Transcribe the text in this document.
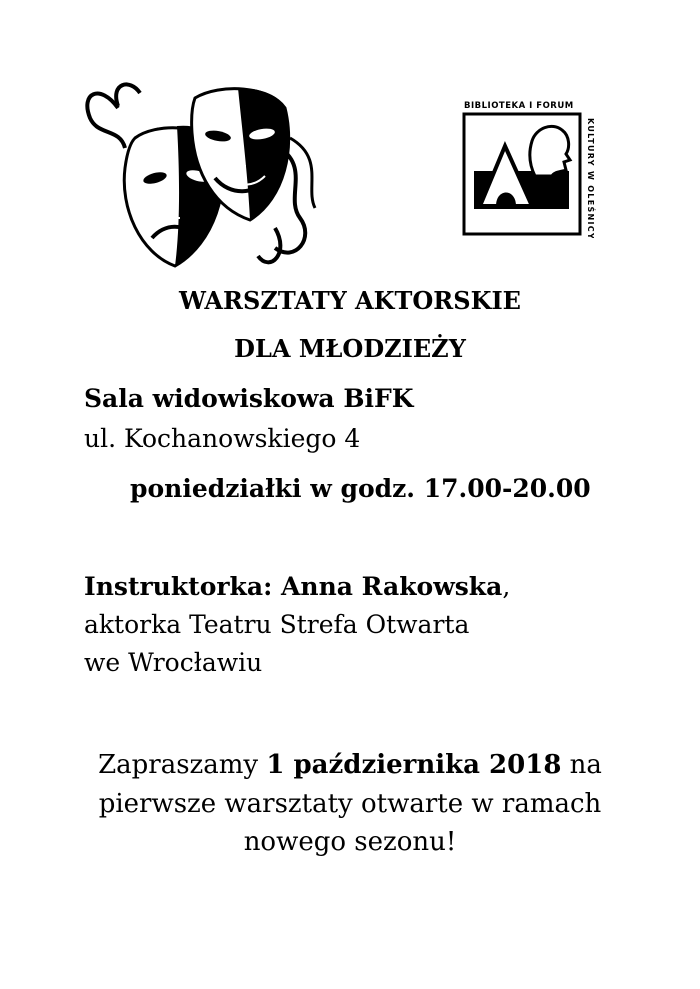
BIBLIOTEKA I FORUM
KULTURY W OLEŚNICY
WARSZTATY AKTORSKIE
DLA MŁODZIEŻY
Sala widowiskowa BiFK
ul. Kochanowskiego 4
poniedziałki w godz. 17.00-20.00
Instruktorka: Anna Rakowska,
aktorka Teatru Strefa Otwarta
we Wrocławiu
Zapraszamy 1 października 2018 na
pierwsze warsztaty otwarte w ramach
nowego sezonu!
